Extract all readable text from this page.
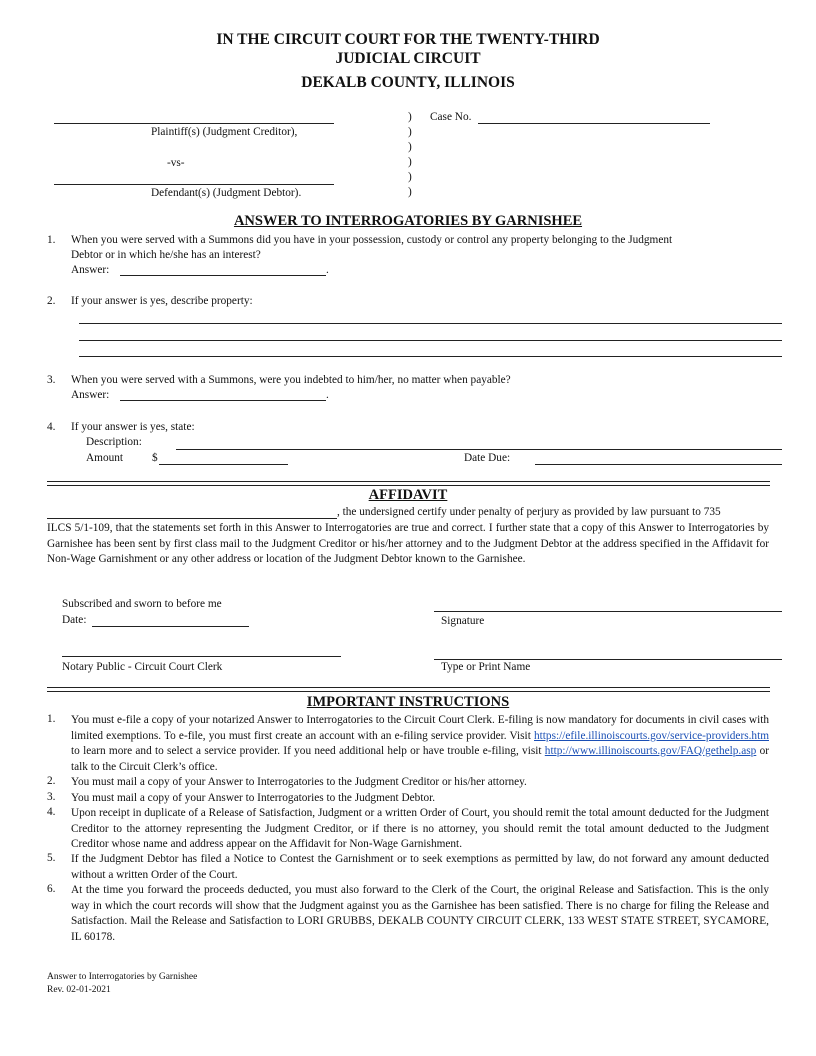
IN THE CIRCUIT COURT FOR THE TWENTY-THIRD
JUDICIAL CIRCUIT
DEKALB COUNTY, ILLINOIS
Plaintiff(s) (Judgment Creditor),
-vs-
Defendant(s) (Judgment Debtor).
)
)
)
)
)
)
Case No.
ANSWER TO INTERROGATORIES BY GARNISHEE
1. When you were served with a Summons did you have in your possession, custody or control any property belonging to the Judgment
Debtor or in which he/she has an interest?
Answer:	.
2. If your answer is yes, describe property:
3. When you were served with a Summons, were you indebted to him/her, no matter when payable?
Answer:	.
4. If your answer is yes, state:
Description:
Amount	$	Date Due:
AFFIDAVIT
, the undersigned certify under penalty of perjury as provided by law pursuant to 735
ILCS 5/1-109, that the statements set forth in this Answer to Interrogatories are true and correct. I further state that a copy of this Answer to Interrogatories by Garnishee has been sent by first class mail to the Judgment Creditor or his/her attorney and to the Judgment Debtor at the address specified in the Affidavit for Non-Wage Garnishment or any other address or location of the Judgment Debtor known to the Garnishee.
Subscribed and sworn to before me
Date:	Signature
Notary Public - Circuit Court Clerk	Type or Print Name
IMPORTANT INSTRUCTIONS
1. You must e-file a copy of your notarized Answer to Interrogatories to the Circuit Court Clerk. E-filing is now mandatory for documents in civil cases with limited exemptions. To e-file, you must first create an account with an e-filing service provider. Visit https://efile.illinoiscourts.gov/service-providers.htm to learn more and to select a service provider. If you need additional help or have trouble e-filing, visit http://www.illinoiscourts.gov/FAQ/gethelp.asp or talk to the Circuit Clerk’s office.
2. You must mail a copy of your Answer to Interrogatories to the Judgment Creditor or his/her attorney.
3. You must mail a copy of your Answer to Interrogatories to the Judgment Debtor.
4. Upon receipt in duplicate of a Release of Satisfaction, Judgment or a written Order of Court, you should remit the total amount deducted for the Judgment Creditor to the attorney representing the Judgment Creditor, or if there is no attorney, you should remit the total amount deducted to the Judgment Creditor whose name and address appear on the Affidavit for Non-Wage Garnishment.
5. If the Judgment Debtor has filed a Notice to Contest the Garnishment or to seek exemptions as permitted by law, do not forward any amount deducted without a written Order of the Court.
6. At the time you forward the proceeds deducted, you must also forward to the Clerk of the Court, the original Release and Satisfaction. This is the only way in which the court records will show that the Judgment against you as the Garnishee has been satisfied. There is no charge for filing the Release and Satisfaction. Mail the Release and Satisfaction to LORI GRUBBS, DEKALB COUNTY CIRCUIT CLERK, 133 WEST STATE STREET, SYCAMORE, IL 60178.
Answer to Interrogatories by Garnishee
Rev. 02-01-2021
